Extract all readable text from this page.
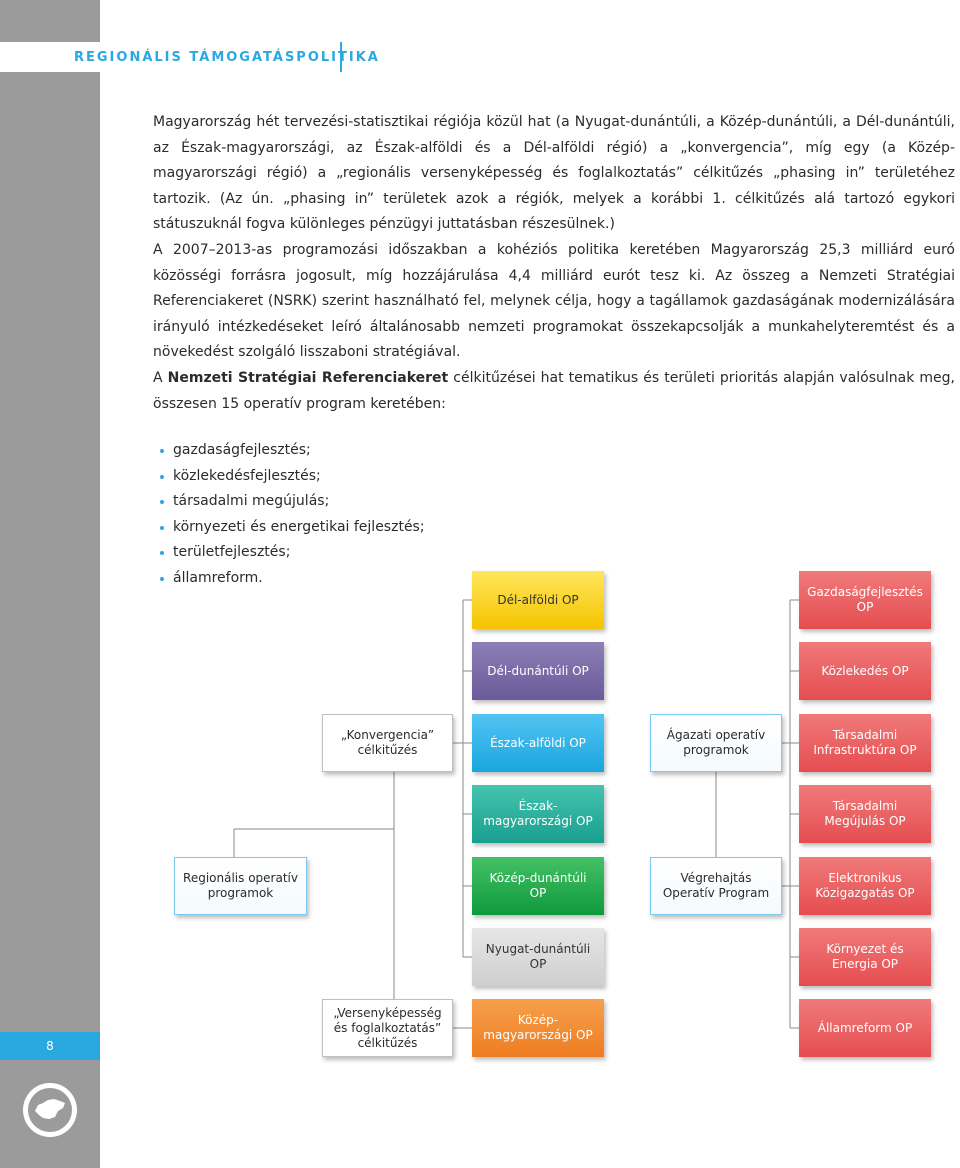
REGIONÁLIS TÁMOGATÁSPOLITIKA
8

Magyarország hét tervezési-statisztikai régiója közül hat (a Nyugat-dunántúli, a Közép-dunántúli, a Dél-dunántúli, az Észak-magyarországi, az Észak-alföldi és a Dél-alföldi régió) a „konvergencia”, míg egy (a Közép-magyarországi régió) a „regionális versenyképesség és foglalkoztatás” célkitűzés „phasing in” területéhez tartozik. (Az ún. „phasing in” területek azok a régiók, melyek a korábbi 1. célkitűzés alá tartozó egykori státuszuknál fogva különleges pénzügyi juttatásban részesülnek.)

A 2007–2013-as programozási időszakban a kohéziós politika keretében Magyarország 25,3 milliárd euró közösségi forrásra jogosult, míg hozzájárulása 4,4 milliárd eurót tesz ki. Az összeg a Nemzeti Stratégiai Referenciakeret (NSRK) szerint használható fel, melynek célja, hogy a tagállamok gazdaságának modernizálására irányuló intézkedéseket leíró általánosabb nemzeti programokat összekapcsolják a munkahelyteremtést és a növekedést szolgáló lisszaboni stratégiával.

A Nemzeti Stratégiai Referenciakeret célkitűzései hat tematikus és területi prioritás alapján valósulnak meg, összesen 15 operatív program keretében:

gazdaságfejlesztés;
közlekedésfejlesztés;
társadalmi megújulás;
környezeti és energetikai fejlesztés;
területfejlesztés;
államreform.
„Konvergencia” célkitűzés
Regionális operatív programok
„Versenyképesség és foglalkoztatás” célkitűzés
Dél-alföldi OP
Dél-dunántúli OP
Észak-alföldi OP
Észak-magyarországi OP
Közép-dunántúli OP
Nyugat-dunántúli OP
Közép-magyarországi OP
Ágazati operatív programok
Végrehajtás Operatív Program
Gazdaságfejlesztés OP
Közlekedés OP
Társadalmi Infrastruktúra OP
Társadalmi Megújulás OP
Elektronikus Közigazgatás OP
Környezet és Energia OP
Államreform OP
